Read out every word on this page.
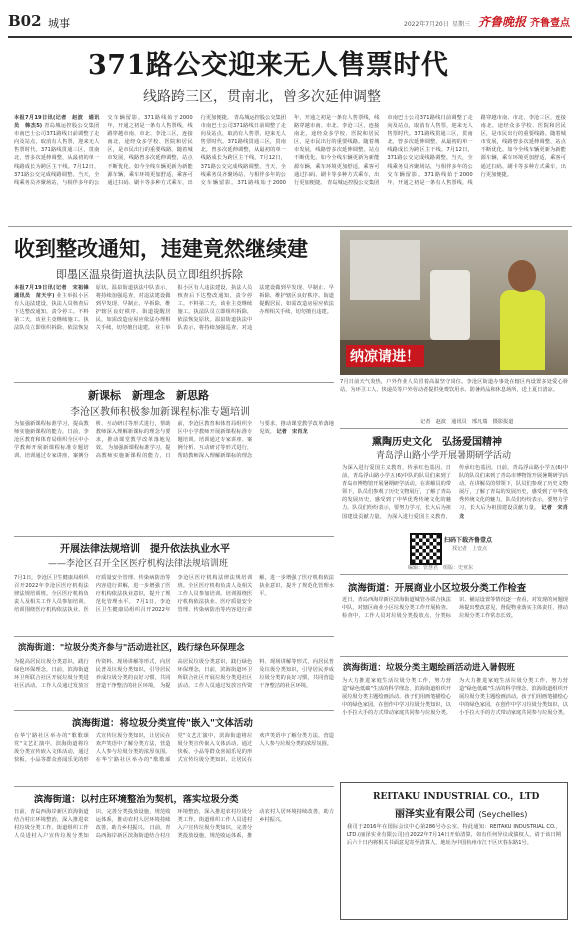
B02 城事	2022年7月20日 星期三 齐鲁晚报 齐鲁壹点
371路公交迎来无人售票时代
线路跨三区，贯南北，曾多次延伸调整
本报7月19日讯(记者　赵波　通讯员　韩杰5) 青岛城运控股公交集团市南巴士公司371路线日前调整了走向及站点，取消有人售票，迎来无人售票时代。371路线贯通三区，贯南北，曾多次延伸调整，从最初的单一线路成长为跨区主干线。7月12日，371路公交完成线路调整。当天，全线乘务员齐聚场站，与相伴多年的公交车辆留影。371路线始于2000年，开通之初是一条有人售票线，线路穿越市南、市北、李沧三区，连接南北，途经众多学校、医院和居民区，是市民出行的重要线路。随着城市发展，线路曾多次延伸调整，站点不断优化。如今全线车辆更新为新能源车辆，乘车环境更加舒适，乘客可通过扫码、刷卡等多种方式乘车，出行更加便捷。 青岛城运控股公交集团市南巴士公司371路线日前调整了走向及站点，取消有人售票，迎来无人售票时代。371路线贯通三区，贯南北，曾多次延伸调整，从最初的单一线路成长为跨区主干线。7月12日，371路公交完成线路调整。当天，全线乘务员齐聚场站，与相伴多年的公交车辆留影。371路线始于2000年，开通之初是一条有人售票线，线路穿越市南、市北、李沧三区，连接南北，途经众多学校、医院和居民区，是市民出行的重要线路。随着城市发展，线路曾多次延伸调整，站点不断优化。如今全线车辆更新为新能源车辆，乘车环境更加舒适，乘客可通过扫码、刷卡等多种方式乘车，出行更加便捷。 青岛城运控股公交集团市南巴士公司371路线日前调整了走向及站点，取消有人售票，迎来无人售票时代。371路线贯通三区，贯南北，曾多次延伸调整，从最初的单一线路成长为跨区主干线。7月12日，371路公交完成线路调整。当天，全线乘务员齐聚场站，与相伴多年的公交车辆留影。371路线始于2000年，开通之初是一条有人售票线，线路穿越市南、市北、李沧三区，连接南北，途经众多学校、医院和居民区，是市民出行的重要线路。随着城市发展，线路曾多次延伸调整，站点不断优化。如今全线车辆更新为新能源车辆，乘车环境更加舒适，乘客可通过扫码、刷卡等多种方式乘车，出行更加便捷。
收到整改通知，违建竟然继续建
即墨区温泉街道执法队员立即组织拆除
本报7月19日讯(记者　宋祖锋　通讯员　苗天宇) 业主举报小区有人违法建设，执法人员核查后下达整改通知，责令停工。不料第二天，该业主竟继续施工。执法队员立即组织拆除，依法恢复原状。温泉街道执法中队表示，将持续加强巡查，对违法建设做到早发现、早制止、早拆除，维护辖区良好秩序。街道提醒居民，如需改造房屋应依法办理相关手续，切勿擅自违建。 业主举报小区有人违法建设，执法人员核查后下达整改通知，责令停工。不料第二天，该业主竟继续施工。执法队员立即组织拆除，依法恢复原状。温泉街道执法中队表示，将持续加强巡查，对违法建设做到早发现、早制止、早拆除，维护辖区良好秩序。街道提醒居民，如需改造房屋应依法办理相关手续，切勿擅自违建。
纳凉请进！
7月日前天气炎热，户外作业人员冒着高温坚守岗位。李沧区街道办事处在辖区内设置多处爱心驿站，为环卫工人、快递员等户外劳动者提供免费饮用水、防暑药品和休息场所，送上夏日清凉。
记者　赵波　通讯员　邢凡瑞　摄影报道
新课标　新理念　新思路
李沧区教师积极参加新课程标准专题培训
为加强新课程标准学习，提高教师实施新课程的能力，日前，李沧区教育和体育局组织全区中小学教师开展新课程标准专题培训。培训通过专家讲座、案例分析、互动研讨等形式进行，帮助教师深入理解新课标的理念与要求，推动课堂教学改革落地见效。 为加强新课程标准学习，提高教师实施新课程的能力，日前，李沧区教育和体育局组织全区中小学教师开展新课程标准专题培训。培训通过专家讲座、案例分析、互动研讨等形式进行，帮助教师深入理解新课标的理念与要求，推动课堂教学改革落地见效。 记者　宋肖龙
熏陶历史文化　弘扬爱国精神
青岛浮山路小学开展暑期研学活动
为深入进行爱国主义教育，传承红色基因，日前，青岛浮山路小学五(6)中队的队员们来到了青岛市博物馆开展暑期研学活动。在讲解员的带领下，队员们参观了历史文物展厅，了解了青岛的发展历史，感受到了中华优秀传统文化的魅力。队员们纷纷表示，要努力学习，长大后为祖国建设贡献力量。 为深入进行爱国主义教育，传承红色基因，日前，青岛浮山路小学五(6)中队的队员们来到了青岛市博物馆开展暑期研学活动。在讲解员的带领下，队员们参观了历史文物展厅，了解了青岛的发展历史，感受到了中华优秀传统文化的魅力。队员们纷纷表示，要努力学习，长大后为祖国建设贡献力量。 记者　宋肖龙
扫码下载齐鲁壹点
找记者　上壹点
编辑：管慧君　组版：史亚东
开展法律法规培训　提升依法执业水平
——李沧区召开全区医疗机构法律法规培训班
7月1日，李沧区卫生健康局组织召开2022年李沧区医疗机构法律法规培训班。全区医疗机构负责人及相关工作人员参加培训。培训围绕医疗机构依法执业、医疗质量安全管理、传染病防治等内容进行讲解，进一步增强了医疗机构依法执业意识，提升了规范化管理水平。 7月1日，李沧区卫生健康局组织召开2022年李沧区医疗机构法律法规培训班。全区医疗机构负责人及相关工作人员参加培训。培训围绕医疗机构依法执业、医疗质量安全管理、传染病防治等内容进行讲解，进一步增强了医疗机构依法执业意识，提升了规范化管理水平。
滨海街道："垃圾分类齐参与"活动进社区，践行绿色环保理念
为提高居民垃圾分类意识，践行绿色环保理念，日前，滨海街道环卫所联合社区开展垃圾分类进社区活动。工作人员通过发放宣传资料、现场讲解等形式，向居民普及垃圾分类知识，引导居民养成垃圾分类的良好习惯，共同营造干净整洁的社区环境。 为提高居民垃圾分类意识，践行绿色环保理念，日前，滨海街道环卫所联合社区开展垃圾分类进社区活动。工作人员通过发放宣传资料、现场讲解等形式，向居民普及垃圾分类知识，引导居民养成垃圾分类的良好习惯，共同营造干净整洁的社区环境。
滨海街道：开展商业小区垃圾分类工作检查
近日，青岛西海岸新区滨海街道城管办联合执法中队，对辖区商业小区垃圾分类工作开展检查。检查中，工作人员对垃圾分类投放点、分类标识、桶站设置等情况逐一查看，对发现的问题现场提出整改意见，督促物业落实主体责任，推动垃圾分类工作常态长效。
滨海街道：将垃圾分类宣传"嵌入"文体活动
在华宁路社区举办的"歌歌颂党"文艺汇演中，滨海街道将垃圾分类宣传嵌入文体活动，通过快板、小品等群众喜闻乐见的形式宣传垃圾分类知识，让居民在欢声笑语中了解分类方法，营造人人参与垃圾分类的浓厚氛围。 在华宁路社区举办的"歌歌颂党"文艺汇演中，滨海街道将垃圾分类宣传嵌入文体活动，通过快板、小品等群众喜闻乐见的形式宣传垃圾分类知识，让居民在欢声笑语中了解分类方法，营造人人参与垃圾分类的浓厚氛围。
滨海街道：垃圾分类主题绘画活动进入暑假班
为大力推进家庭生活垃圾分类工作，努力营造"绿色低碳"生活的科学理念，滨海街道组织开展垃圾分类主题绘画活动。孩子们用画笔描绘心中的绿色家园，在创作中学习垃圾分类知识，以小手拉大手的方式带动家庭共同参与垃圾分类。 为大力推进家庭生活垃圾分类工作，努力营造"绿色低碳"生活的科学理念，滨海街道组织开展垃圾分类主题绘画活动。孩子们用画笔描绘心中的绿色家园，在创作中学习垃圾分类知识，以小手拉大手的方式带动家庭共同参与垃圾分类。
滨海街道：以村庄环境整治为契机，落实垃圾分类
日前，青岛西海岸新区滨海街道结合村庄环境整治，深入推进农村垃圾分类工作。街道组织工作人员进村入户宣传垃圾分类知识，完善分类投放设施，规范收运体系，推动农村人居环境持续改善，助力乡村振兴。 日前，青岛西海岸新区滨海街道结合村庄环境整治，深入推进农村垃圾分类工作。街道组织工作人员进村入户宣传垃圾分类知识，完善分类投放设施，规范收运体系，推动农村人居环境持续改善，助力乡村振兴。
REITAKU INDUSTRIAL CO.，LTD
丽泽实业有限公司 (Seychelles)
我司于2016年在国际会议中心第286号办公室，特此通知：REITAKU INDUSTRIAL CO.，LTD.(丽泽实业有限公司)自2022年7月14日开始清算，如有任何异议或债权人，请于该日期后六十日内将相关书面意见寄至清算人，地址为中国杭州市江干区庆春东路1号。
